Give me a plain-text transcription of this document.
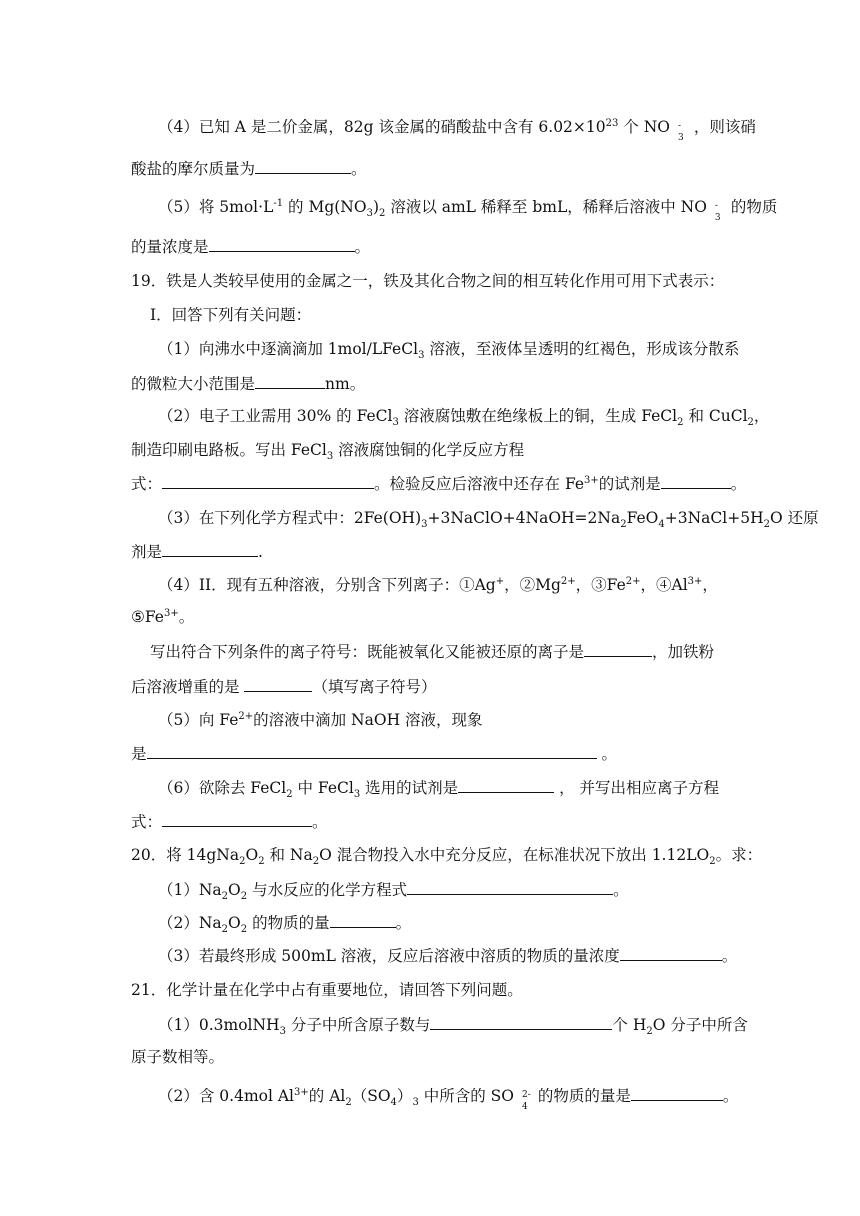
（4）已知 A 是二价金属，82g 该金属的硝酸盐中含有 $6.02\times 10^{23}$ 个 NO -
3
，则该硝
酸盐的摩尔质量为	。
（5）将 $5mol\cdot L^{-1}$ 的 $Mg(NO_3)_2$ 溶液以 amL 稀释至 bmL，稀释后溶液中 NO -
3
的物质
的量浓度是	。
19．铁是人类较早使用的金属之一，铁及其化合物之间的相互转化作用可用下式表示：
Ⅰ．回答下列有关问题：
（1）向沸水中逐滴滴加 1mol/LFeCl$_3$ 溶液，至液体呈透明的红褐色，形成该分散系
的微粒大小范围是	nm。
（2）电子工业需用 30% 的 FeCl$_3$ 溶液腐蚀敷在绝缘板上的铜，生成 FeCl$_2$ 和 CuCl$_2$，
制造印刷电路板。写出 FeCl$_3$ 溶液腐蚀铜的化学反应方程
式：	。检验反应后溶液中还存在 $Fe^{3+}$的试剂是	。
（3）在下列化学方程式中：$2Fe(OH)_3+3NaClO+4NaOH=2Na_2FeO_4+3NaCl+5H_2O$ 还原
剂是	.
（4）II．现有五种溶液，分别含下列离子：①Ag+，$②Mg^{2+}$，$③Fe^{2+}$，$④Al^{3+}$，
$⑤Fe^{3+}$。
写出符合下列条件的离子符号：既能被氧化又能被还原的离子是	，加铁粉
后溶液增重的是	（填写离子符号）
（5）向 $Fe^{2+}$的溶液中滴加 NaOH 溶液，现象
是	。
（6）欲除去 FeCl$_2$ 中 FeCl$_3$ 选用的试剂是	， 并写出相应离子方程
式：	。
20．将 $14gNa_2O_2$ 和 $Na_2O$ 混合物投入水中充分反应，在标准状况下放出 $1.12LO_2$。求：
$(1)Na_2O_2$ 与水反应的化学方程式	。
$(2)Na_2O_2$ 的物质的量	。
（3）若最终形成 500mL 溶液，反应后溶液中溶质的物质的量浓度	。
21．化学计量在化学中占有重要地位，请回答下列问题。
（1）0.3molNH$_3$ 分子中所含原子数与	个 $H_2O$ 分子中所含
原子数相等。
（2）含 0.4mol $Al^{3+}$的 $Al_2(SO_4)_3$ 中所含的 SO 2-
4
的物质的量是	。
